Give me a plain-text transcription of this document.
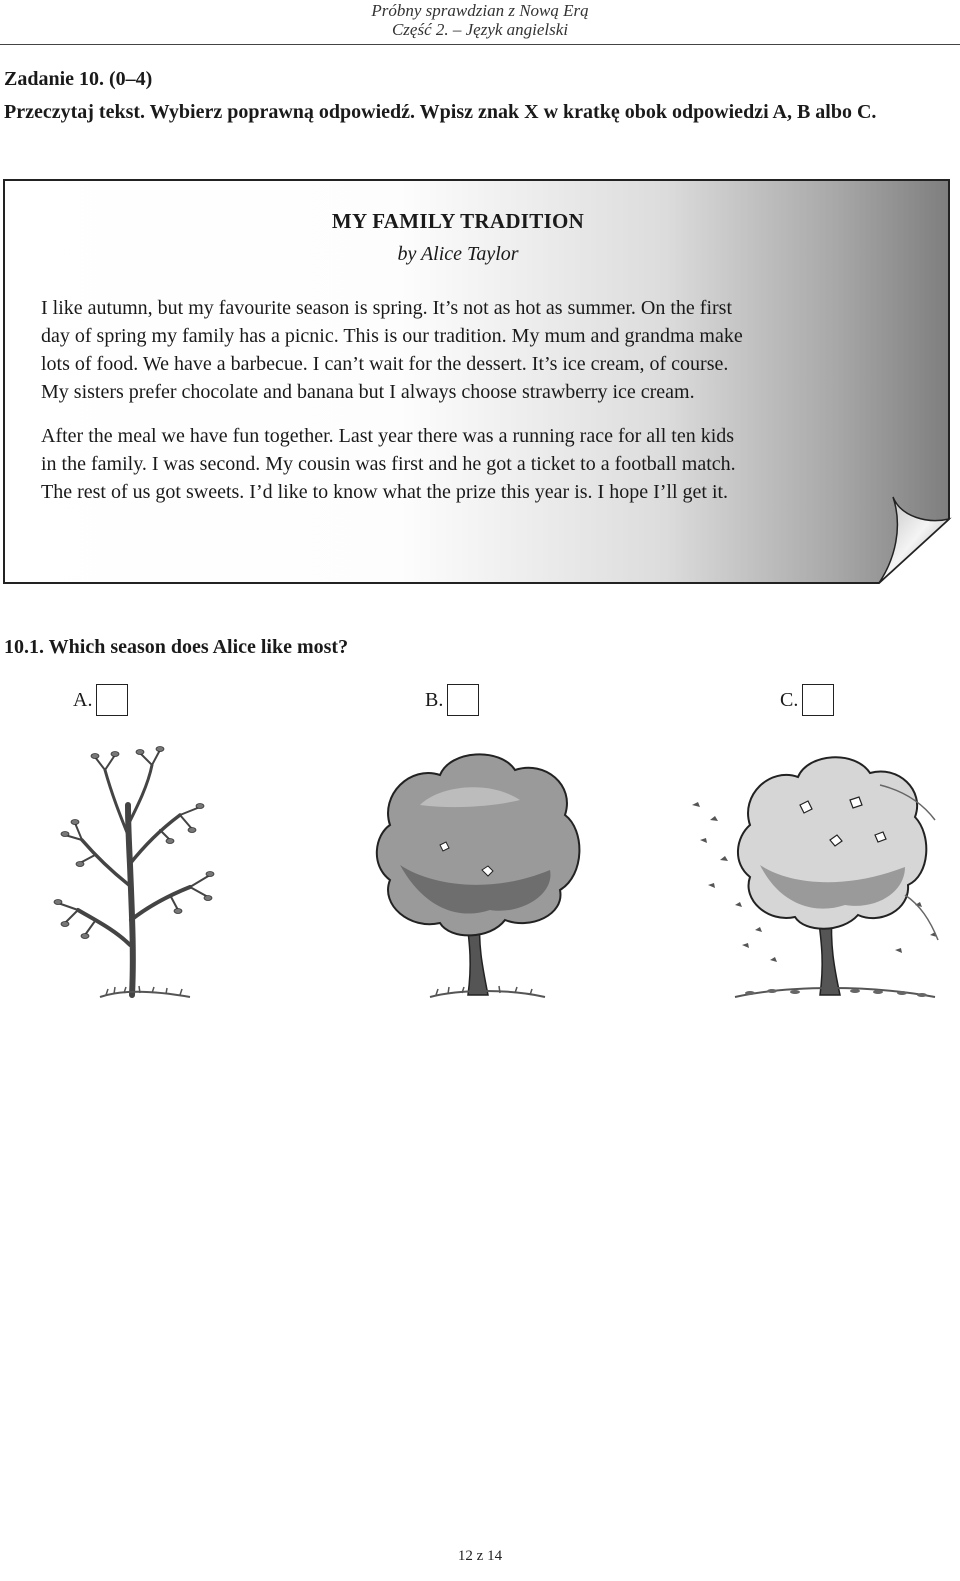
Próbny sprawdzian z Nową Erą
Część 2. – Język angielski
Zadanie 10. (0–4)
Przeczytaj tekst. Wybierz poprawną odpowiedź. Wpisz znak X w kratkę obok odpowiedzi A, B albo C.
MY FAMILY TRADITION
by Alice Taylor
I like autumn, but my favourite season is spring. It’s not as hot as summer. On the first
day of spring my family has a picnic. This is our tradition. My mum and grandma make
lots of food. We have a barbecue. I can’t wait for the dessert. It’s ice cream, of course.
My sisters prefer chocolate and banana but I always choose strawberry ice cream.
After the meal we have fun together. Last year there was a running race for all ten kids
in the family. I was second. My cousin was first and he got a ticket to a football match.
The rest of us got sweets. I’d like to know what the prize this year is. I hope I’ll get it.
10.1. Which season does Alice like most?
A.	B.	C.
12 z 14
